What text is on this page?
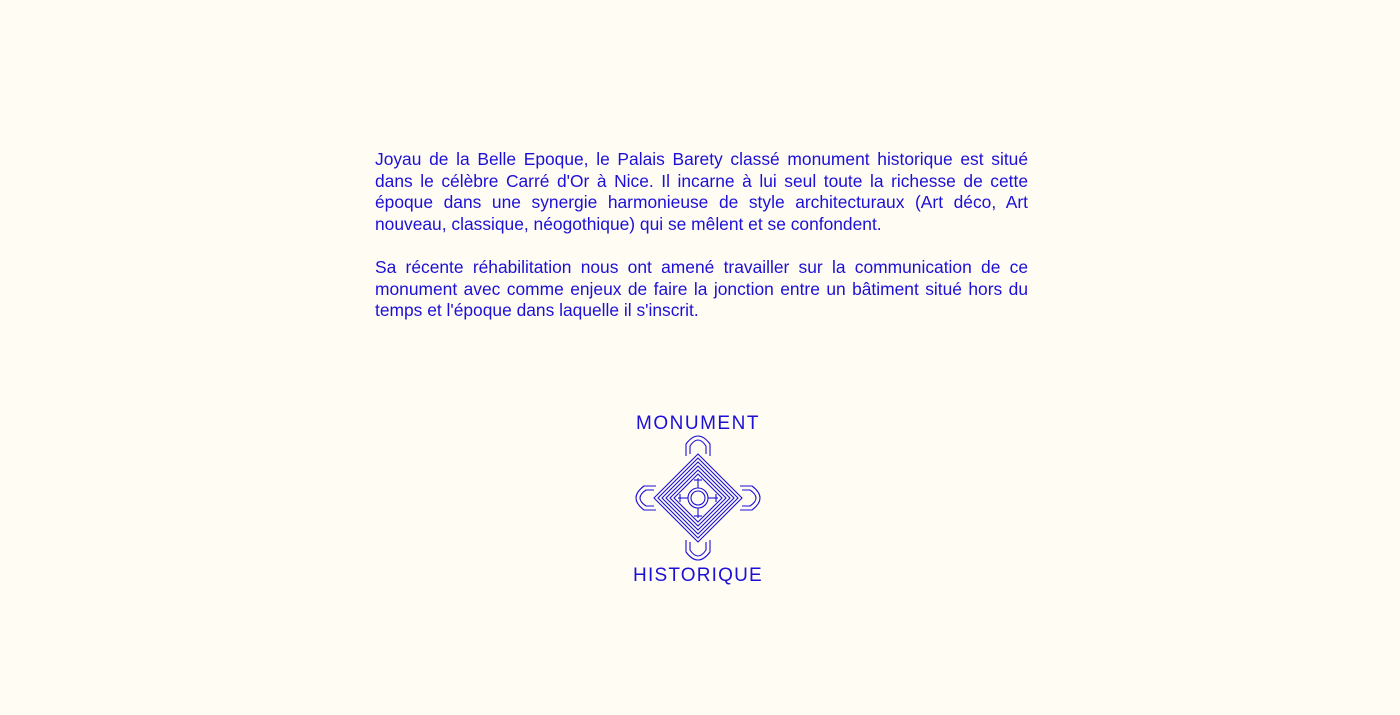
Joyau de la Belle Epoque, le Palais Barety classé monument historique est situé dans le célèbre Carré d'Or à Nice. Il incarne à lui seul toute la richesse de cette époque dans une synergie harmonieuse de style architecturaux (Art déco, Art nouveau, classique, néogothique) qui se mêlent et se confondent.

Sa récente réhabilitation nous ont amené travailler sur la communication de ce monument avec comme enjeux de faire la jonction entre un bâtiment situé hors du temps et l'époque dans laquelle il s'inscrit.

MONUMENT
HISTORIQUE
